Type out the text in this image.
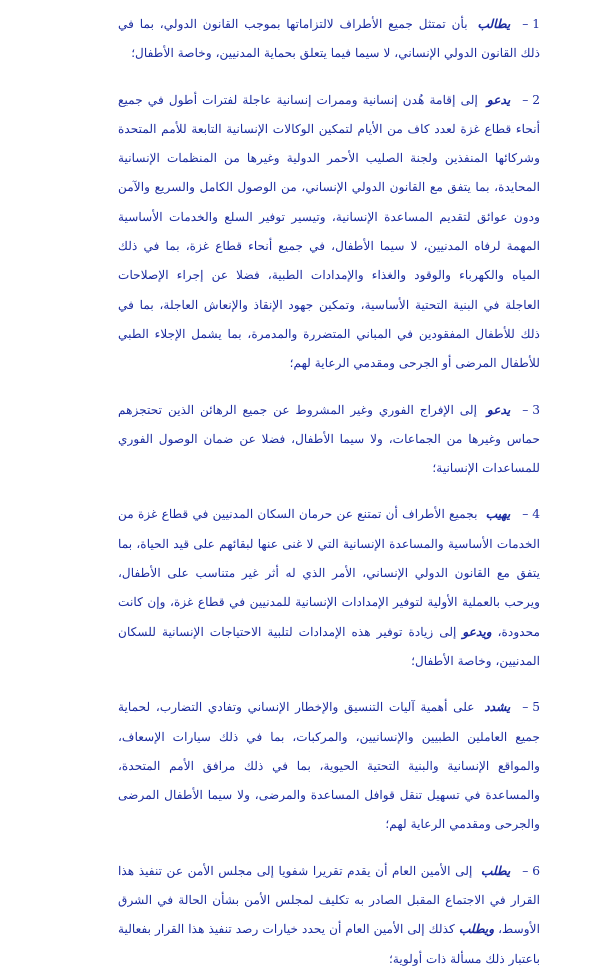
1 –يطالب بأن تمتثل جميع الأطراف لالتزاماتها بموجب القانون الدولي، بما في ذلك القانون الدولي الإنساني، لا سيما فيما يتعلق بحماية المدنيين، وخاصة الأطفال؛

2 –يدعو إلى إقامة هُدن إنسانية وممرات إنسانية عاجلة لفترات أطول في جميع أنحاء قطاع غزة لعدد كاف من الأيام لتمكين الوكالات الإنسانية التابعة للأمم المتحدة وشركائها المنفذين ولجنة الصليب الأحمر الدولية وغيرها من المنظمات الإنسانية المحايدة، بما يتفق مع القانون الدولي الإنساني، من الوصول الكامل والسريع والآمن ودون عوائق لتقديم المساعدة الإنسانية، وتيسير توفير السلع والخدمات الأساسية المهمة لرفاه المدنيين، لا سيما الأطفال، في جميع أنحاء قطاع غزة، بما في ذلك المياه والكهرباء والوقود والغذاء والإمدادات الطبية، فضلا عن إجراء الإصلاحات العاجلة في البنية التحتية الأساسية، وتمكين جهود الإنقاذ والإنعاش العاجلة، بما في ذلك للأطفال المفقودين في المباني المتضررة والمدمرة، بما يشمل الإجلاء الطبي للأطفال المرضى أو الجرحى ومقدمي الرعاية لهم؛

3 –يدعو إلى الإفراج الفوري وغير المشروط عن جميع الرهائن الذين تحتجزهم حماس وغيرها من الجماعات، ولا سيما الأطفال، فضلا عن ضمان الوصول الفوري للمساعدات الإنسانية؛

4 –يهيب بجميع الأطراف أن تمتنع عن حرمان السكان المدنيين في قطاع غزة من الخدمات الأساسية والمساعدة الإنسانية التي لا غنى عنها لبقائهم على قيد الحياة، بما يتفق مع القانون الدولي الإنساني، الأمر الذي له أثر غير متناسب على الأطفال، ويرحب بالعملية الأولية لتوفير الإمدادات الإنسانية للمدنيين في قطاع غزة، وإن كانت محدودة، ويدعو إلى زيادة توفير هذه الإمدادات لتلبية الاحتياجات الإنسانية للسكان المدنيين، وخاصة الأطفال؛

5 –يشدد على أهمية آليات التنسيق والإخطار الإنساني وتفادي التضارب، لحماية جميع العاملين الطبيين والإنسانيين، والمركبات، بما في ذلك سيارات الإسعاف، والمواقع الإنسانية والبنية التحتية الحيوية، بما في ذلك مرافق الأمم المتحدة، والمساعدة في تسهيل تنقل قوافل المساعدة والمرضى، ولا سيما الأطفال المرضى والجرحى ومقدمي الرعاية لهم؛

6 –يطلب إلى الأمين العام أن يقدم تقريرا شفويا إلى مجلس الأمن عن تنفيذ هذا القرار في الاجتماع المقبل الصادر به تكليف لمجلس الأمن بشأن الحالة في الشرق الأوسط، ويطلب كذلك إلى الأمين العام أن يحدد خيارات رصد تنفيذ هذا القرار بفعالية باعتبار ذلك مسألة ذات أولوية؛
